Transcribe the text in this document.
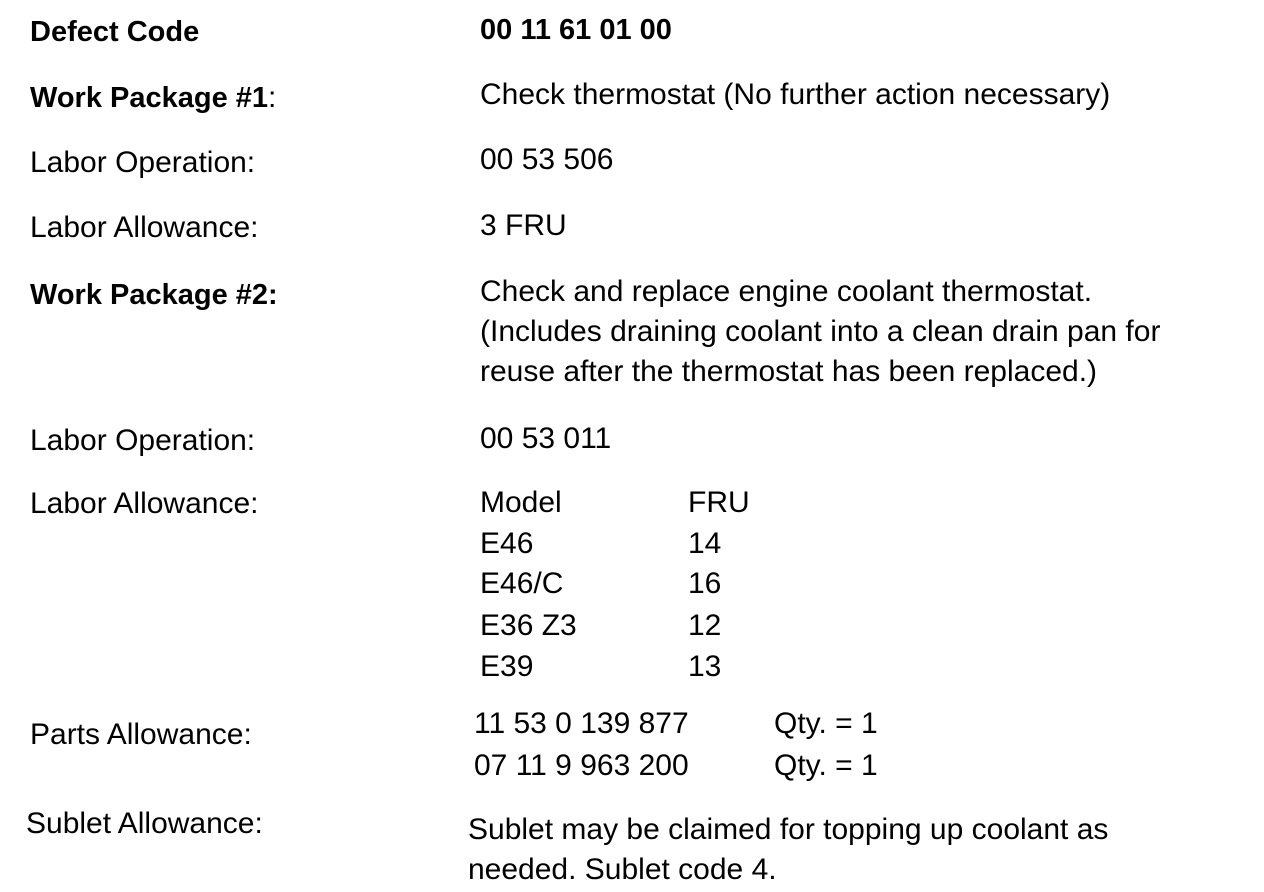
Defect Code	00 11 61 01 00
Work Package #1:	Check thermostat (No further action necessary)
Labor Operation:	00 53 506
Labor Allowance:	3 FRU
Work Package #2:	Check and replace engine coolant thermostat.
(Includes draining coolant into a clean drain pan for
reuse after the thermostat has been replaced.)
Labor Operation:	00 53 011
Labor Allowance:	Model	FRU
E46	14
E46/C	16
E36 Z3	12
E39	13
Parts Allowance:	11 53 0 139 877	Qty. = 1
07 11 9 963 200	Qty. = 1
Sublet Allowance:	Sublet may be claimed for topping up coolant as
needed. Sublet code 4.
